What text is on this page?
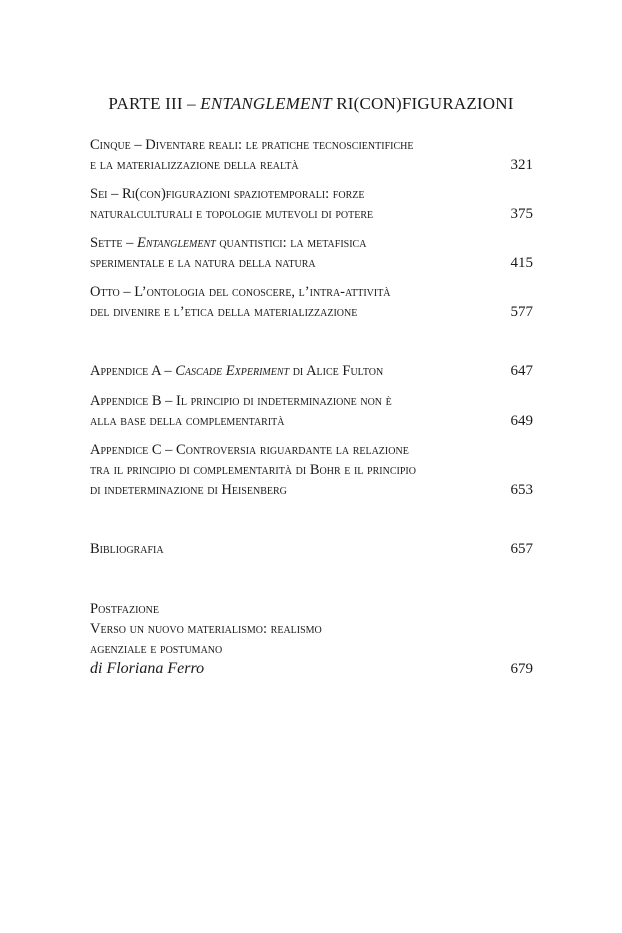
PARTE III – ENTANGLEMENT RI(CON)FIGURAZIONI
Cinque – Diventare reali: le pratiche tecnoscientifiche
e la materializzazione della realtà	321
Sei – Ri(con)figurazioni spaziotemporali: forze
naturalculturali e topologie mutevoli di potere	375
Sette – Entanglement quantistici: la metafisica
sperimentale e la natura della natura	415
Otto – L’ontologia del conoscere, l’intra-attività
del divenire e l’etica della materializzazione	577
Appendice A – Cascade Experiment di Alice Fulton	647
Appendice B – Il principio di indeterminazione non è
alla base della complementarità	649
Appendice C – Controversia riguardante la relazione
tra il principio di complementarità di Bohr e il principio
di indeterminazione di Heisenberg	653
Bibliografia	657
Postfazione
Verso un nuovo materialismo: realismo
agenziale e postumano
di Floriana Ferro	679
